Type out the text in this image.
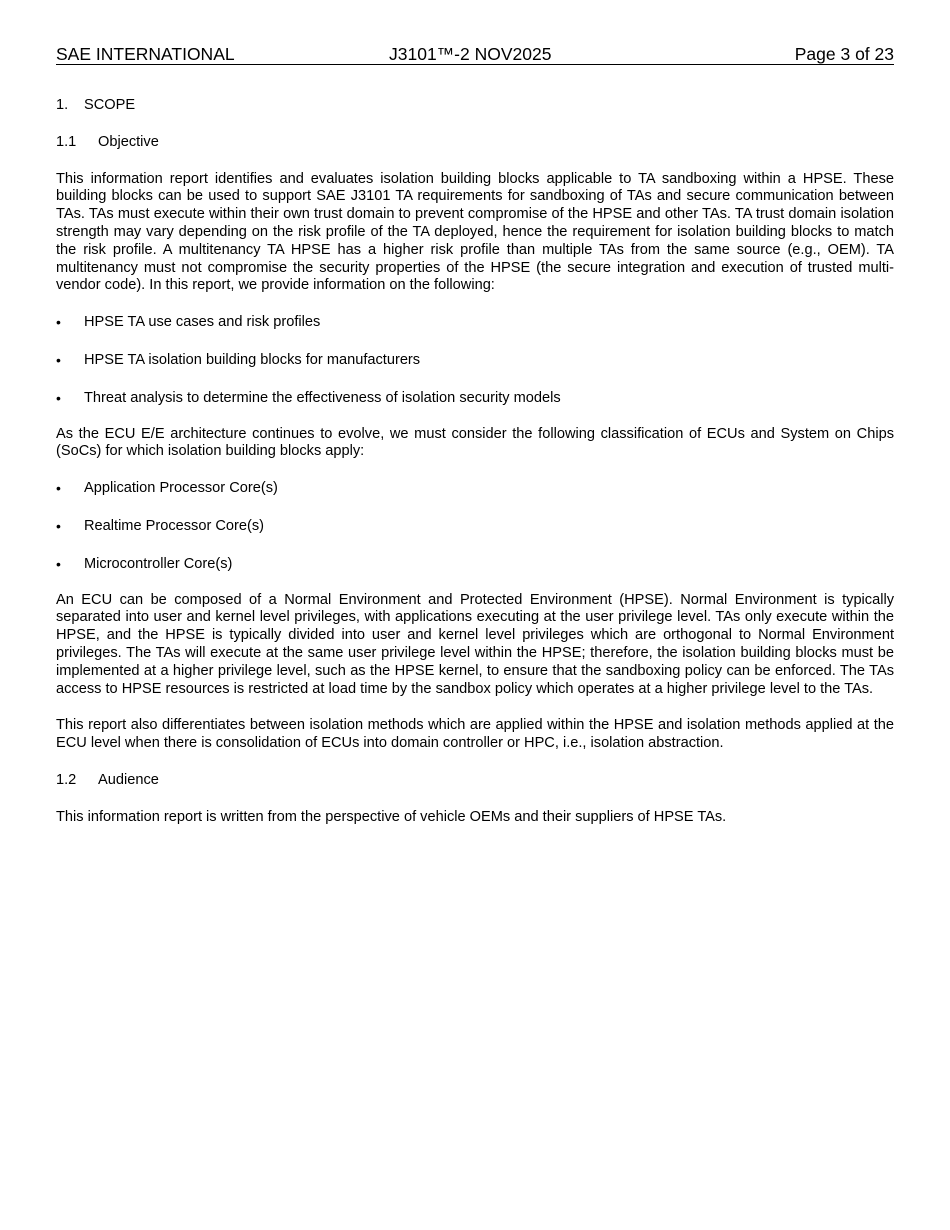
SAE INTERNATIONAL	J3101™-2 NOV2025	Page 3 of 23
1.	SCOPE
1.1	Objective

This information report identifies and evaluates isolation building blocks applicable to TA sandboxing within a HPSE. These building blocks can be used to support SAE J3101 TA requirements for sandboxing of TAs and secure communication between TAs. TAs must execute within their own trust domain to prevent compromise of the HPSE and other TAs. TA trust domain isolation strength may vary depending on the risk profile of the TA deployed, hence the requirement for isolation building blocks to match the risk profile. A multitenancy TA HPSE has a higher risk profile than multiple TAs from the same source (e.g., OEM). TA multitenancy must not compromise the security properties of the HPSE (the secure integration and execution of trusted multi-vendor code). In this report, we provide information on the following:

•	HPSE TA use cases and risk profiles
•	HPSE TA isolation building blocks for manufacturers
•	Threat analysis to determine the effectiveness of isolation security models

As the ECU E/E architecture continues to evolve, we must consider the following classification of ECUs and System on Chips (SoCs) for which isolation building blocks apply:

•	Application Processor Core(s)
•	Realtime Processor Core(s)
•	Microcontroller Core(s)

An ECU can be composed of a Normal Environment and Protected Environment (HPSE). Normal Environment is typically separated into user and kernel level privileges, with applications executing at the user privilege level. TAs only execute within the HPSE, and the HPSE is typically divided into user and kernel level privileges which are orthogonal to Normal Environment privileges. The TAs will execute at the same user privilege level within the HPSE; therefore, the isolation building blocks must be implemented at a higher privilege level, such as the HPSE kernel, to ensure that the sandboxing policy can be enforced. The TAs access to HPSE resources is restricted at load time by the sandbox policy which operates at a higher privilege level to the TAs.

This report also differentiates between isolation methods which are applied within the HPSE and isolation methods applied at the ECU level when there is consolidation of ECUs into domain controller or HPC, i.e., isolation abstraction.

1.2	Audience

This information report is written from the perspective of vehicle OEMs and their suppliers of HPSE TAs.
